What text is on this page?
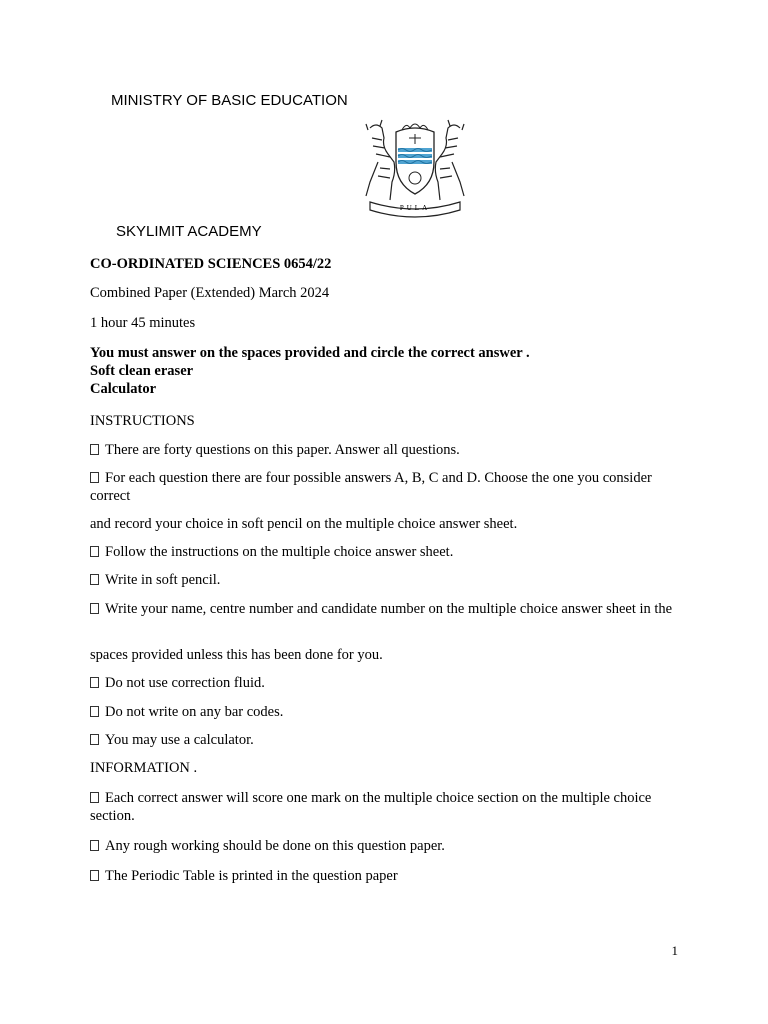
MINISTRY OF BASIC EDUCATION
PULA
SKYLIMIT ACADEMY
CO-ORDINATED SCIENCES 0654/22
Combined Paper (Extended) March 2024
1 hour 45 minutes
You must answer on the spaces provided and circle the correct answer .
Soft clean eraser
Calculator
INSTRUCTIONS
There are forty questions on this paper. Answer all questions.
For each question there are four possible answers A, B, C and D. Choose the one you consider correct
and record your choice in soft pencil on the multiple choice answer sheet.
Follow the instructions on the multiple choice answer sheet.
Write in soft pencil.
Write your name, centre number and candidate number on the multiple choice answer sheet in the
spaces provided unless this has been done for you.
Do not use correction fluid.
Do not write on any bar codes.
You may use a calculator.
INFORMATION .
Each correct answer will score one mark on the multiple choice section on the multiple choice section.
Any rough working should be done on this question paper.
The Periodic Table is printed in the question paper
1
